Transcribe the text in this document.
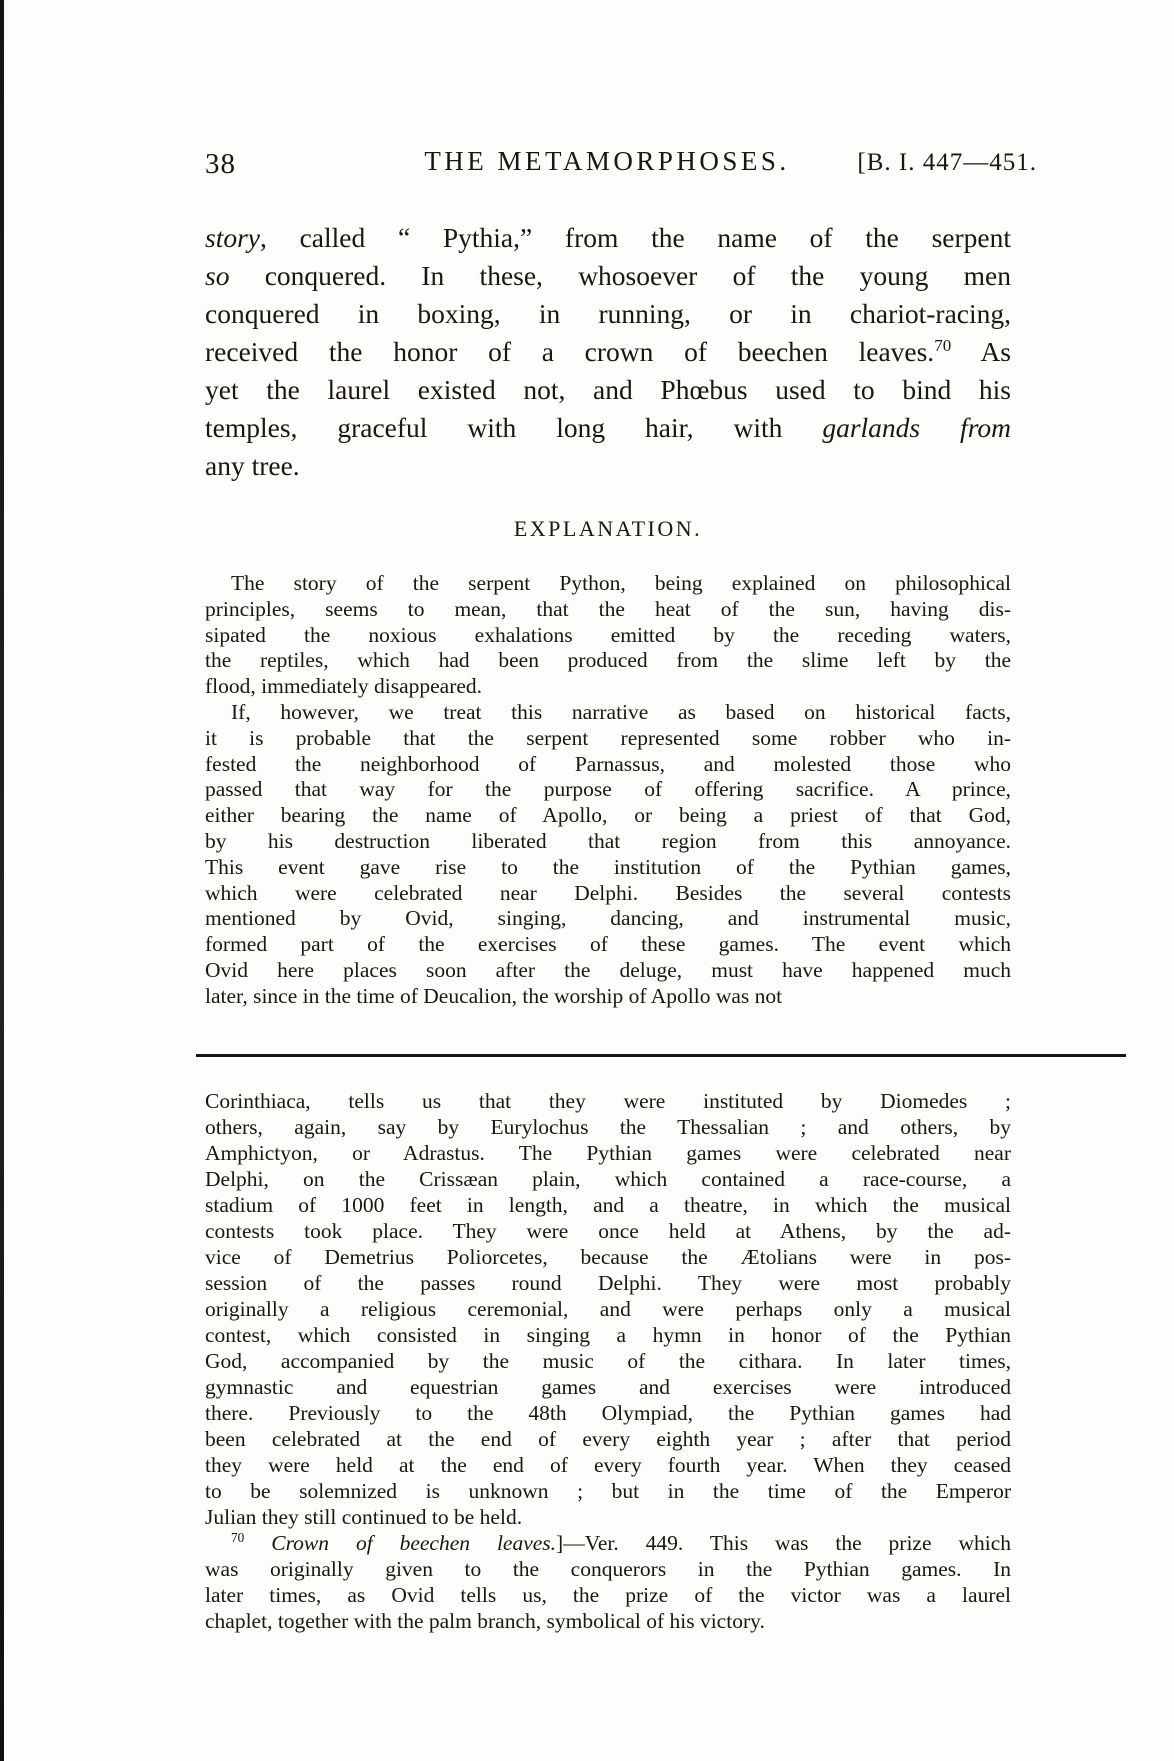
38	THE METAMORPHOSES.	[B. I. 447—451.
story, called “ Pythia,” from the name of the serpent
so conquered. In these, whosoever of the young men
conquered in boxing, in running, or in chariot-racing,
received the honor of a crown of beechen leaves.$^{70}$ As
yet the laurel existed not, and Phœbus used to bind his
temples, graceful with long hair, with garlands from
any tree.
EXPLANATION.
The story of the serpent Python, being explained on philosophical
principles, seems to mean, that the heat of the sun, having dis-
sipated the noxious exhalations emitted by the receding waters,
the reptiles, which had been produced from the slime left by the
flood, immediately disappeared.
If, however, we treat this narrative as based on historical facts,
it is probable that the serpent represented some robber who in-
fested the neighborhood of Parnassus, and molested those who
passed that way for the purpose of offering sacrifice. A prince,
either bearing the name of Apollo, or being a priest of that God,
by his destruction liberated that region from this annoyance.
This event gave rise to the institution of the Pythian games,
which were celebrated near Delphi. Besides the several contests
mentioned by Ovid, singing, dancing, and instrumental music,
formed part of the exercises of these games. The event which
Ovid here places soon after the deluge, must have happened much
later, since in the time of Deucalion, the worship of Apollo was not
Corinthiaca, tells us that they were instituted by Diomedes ;
others, again, say by Eurylochus the Thessalian ; and others, by
Amphictyon, or Adrastus. The Pythian games were celebrated near
Delphi, on the Crissæan plain, which contained a race-course, a
stadium of 1000 feet in length, and a theatre, in which the musical
contests took place. They were once held at Athens, by the ad-
vice of Demetrius Poliorcetes, because the Ætolians were in pos-
session of the passes round Delphi. They were most probably
originally a religious ceremonial, and were perhaps only a musical
contest, which consisted in singing a hymn in honor of the Pythian
God, accompanied by the music of the cithara. In later times,
gymnastic and equestrian games and exercises were introduced
there. Previously to the 48th Olympiad, the Pythian games had
been celebrated at the end of every eighth year ; after that period
they were held at the end of every fourth year. When they ceased
to be solemnized is unknown ; but in the time of the Emperor
Julian they still continued to be held.
$^{70}$ Crown of beechen leaves.]—Ver. 449. This was the prize which
was originally given to the conquerors in the Pythian games. In
later times, as Ovid tells us, the prize of the victor was a laurel
chaplet, together with the palm branch, symbolical of his victory.
